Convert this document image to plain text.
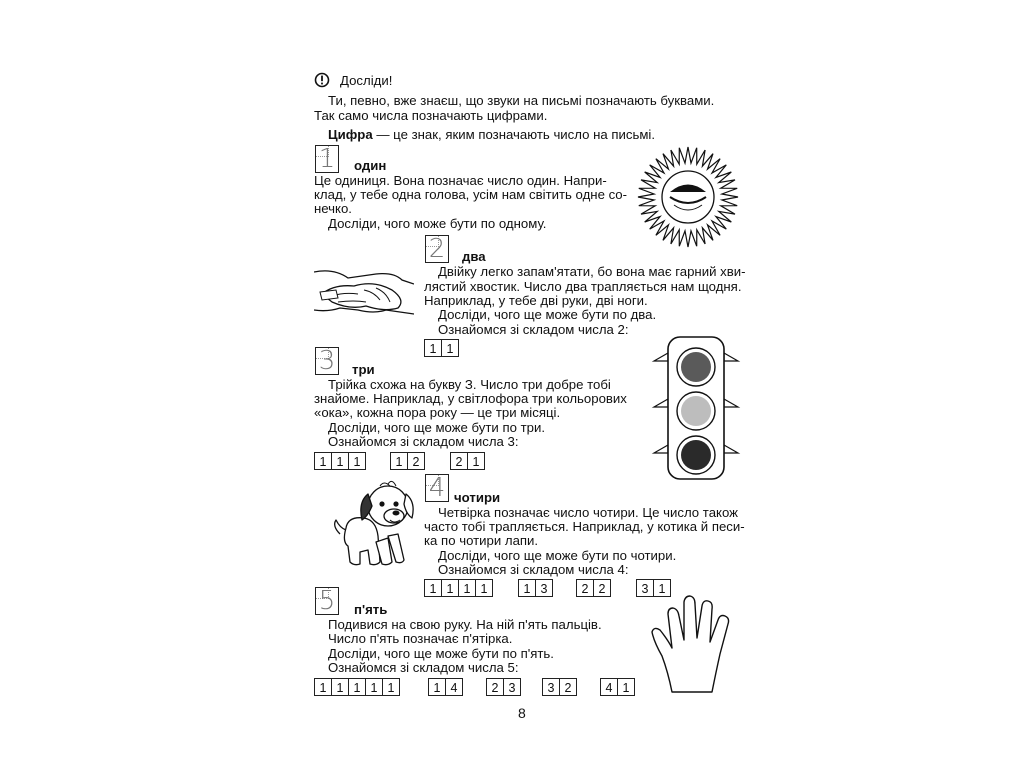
Досліди!
Ти, певно, вже знаєш, що звуки на письмі позначають буквами.
Так само числа позначають цифрами.
Цифра — це знак, яким позначають число на письмі.
1 один
Це одиниця. Вона позначає число один. Напри-
клад, у тебе одна голова, усім нам світить одне со-
нечко.
Досліди, чого може бути по одному.
2 два
Двійку легко запам'ятати, бо вона має гарний хви-
лястий хвостик. Число два трапляється нам щодня.
Наприклад, у тебе дві руки, дві ноги.
Досліди, чого ще може бути по два.
Ознайомся зі складом числа 2:
1 1
3 три
Трійка схожа на букву З. Число три добре тобі
знайоме. Наприклад, у світлофора три кольорових
«ока», кожна пора року — це три місяці.
Досліди, чого ще може бути по три.
Ознайомся зі складом числа 3:
1 1 1	1 2	2 1
4 чотири
Четвірка позначає число чотири. Це число також
часто тобі трапляється. Наприклад, у котика й песи-
ка по чотири лапи.
Досліди, чого ще може бути по чотири.
Ознайомся зі складом числа 4:
1 1 1 1	1 3	2 2	3 1
5 п'ять
Подивися на свою руку. На ній п'ять пальців.
Число п'ять позначає п'ятірка.
Досліди, чого ще може бути по п'ять.
Ознайомся зі складом числа 5:
1 1 1 1 1	1 4	2 3	3 2	4 1
8
